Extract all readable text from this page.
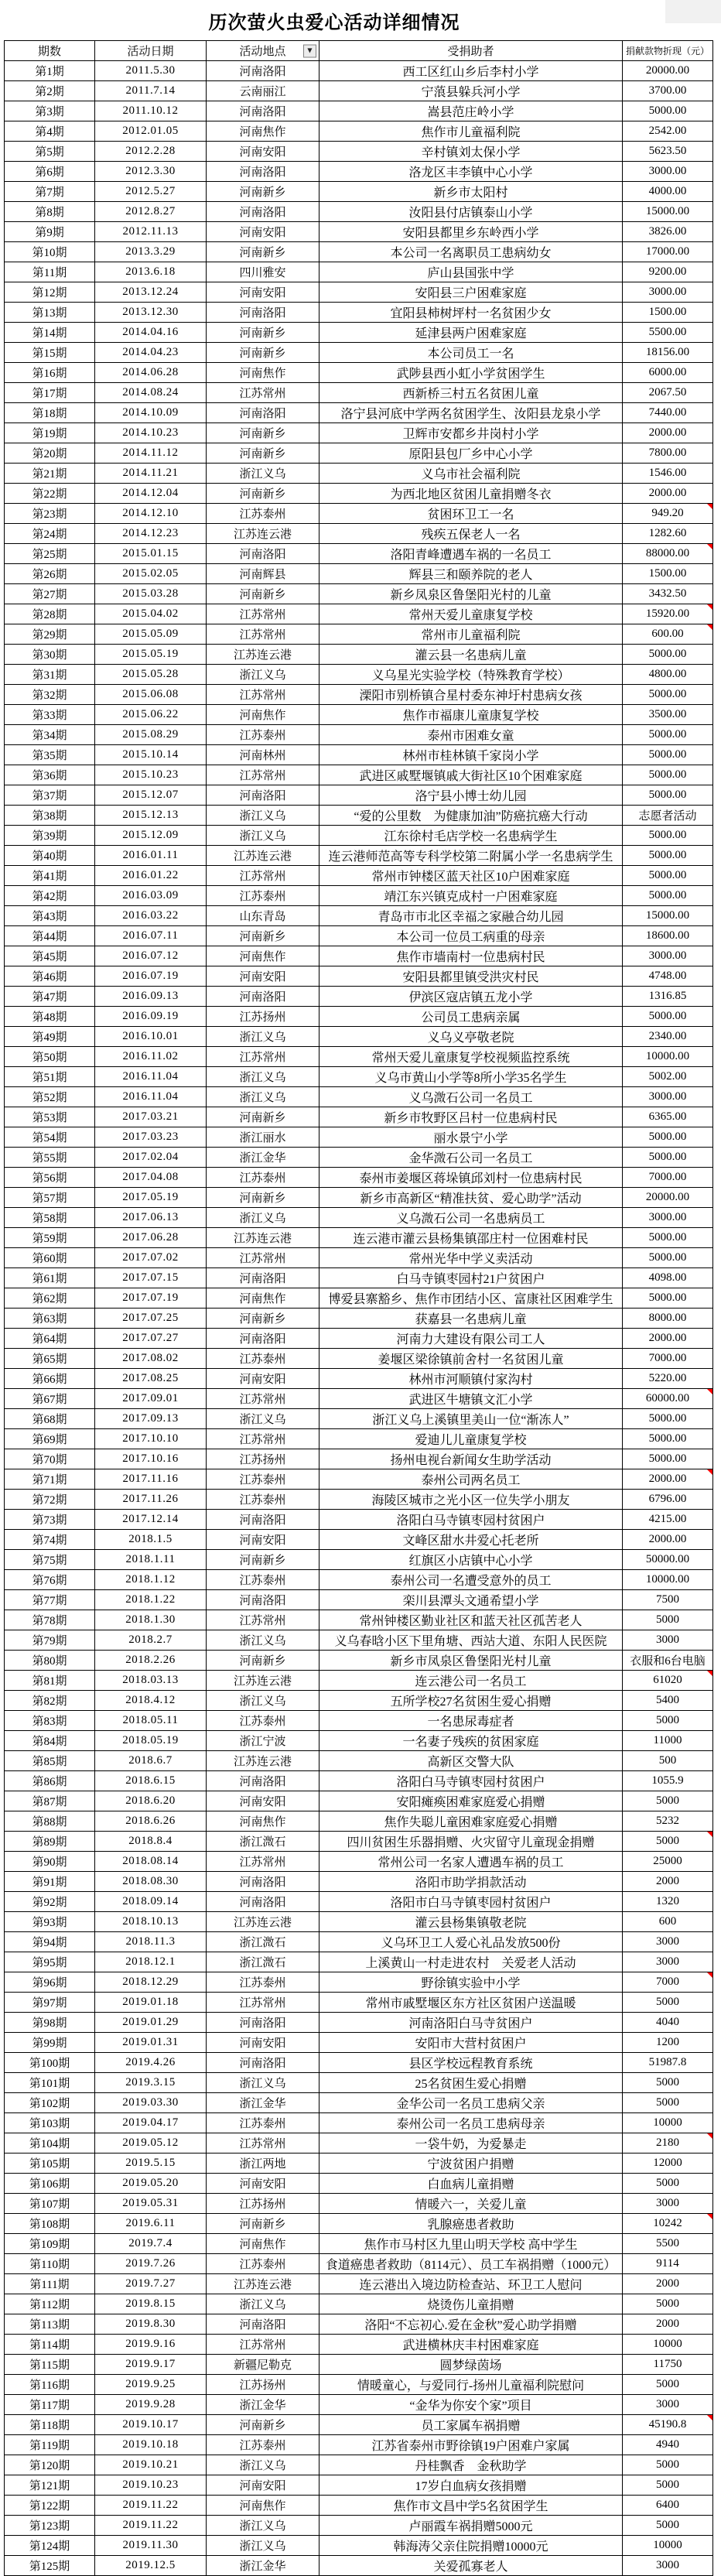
历次萤火虫爱心活动详细情况
期数	活动日期	活动地点 ▼	受捐助者	捐献款物折现（元）
第1期	2011.5.30	河南洛阳	西工区红山乡后李村小学	20000.00
第2期	2011.7.14	云南丽江	宁蒗县躲兵河小学	3700.00
第3期	2011.10.12	河南洛阳	嵩县范庄岭小学	5000.00
第4期	2012.01.05	河南焦作	焦作市儿童福利院	2542.00
第5期	2012.2.28	河南安阳	辛村镇刘太保小学	5623.50
第6期	2012.3.30	河南洛阳	洛龙区丰李镇中心小学	3000.00
第7期	2012.5.27	河南新乡	新乡市太阳村	4000.00
第8期	2012.8.27	河南洛阳	汝阳县付店镇泰山小学	15000.00
第9期	2012.11.13	河南安阳	安阳县都里乡东岭西小学	3826.00
第10期	2013.3.29	河南新乡	本公司一名离职员工患病幼女	17000.00
第11期	2013.6.18	四川雅安	庐山县国张中学	9200.00
第12期	2013.12.24	河南安阳	安阳县三户困难家庭	3000.00
第13期	2013.12.30	河南洛阳	宜阳县柿树坪村一名贫困少女	1500.00
第14期	2014.04.16	河南新乡	延津县两户困难家庭	5500.00
第15期	2014.04.23	河南新乡	本公司员工一名	18156.00
第16期	2014.06.28	河南焦作	武陟县西小虹小学贫困学生	6000.00
第17期	2014.08.24	江苏常州	西新桥三村五名贫困儿童	2067.50
第18期	2014.10.09	河南洛阳	洛宁县河底中学两名贫困学生、汝阳县龙泉小学	7440.00
第19期	2014.10.23	河南新乡	卫辉市安都乡井岗村小学	2000.00
第20期	2014.11.12	河南新乡	原阳县包厂乡中心小学	7800.00
第21期	2014.11.21	浙江义乌	义乌市社会福利院	1546.00
第22期	2014.12.04	河南新乡	为西北地区贫困儿童捐赠冬衣	2000.00
第23期	2014.12.10	江苏泰州	贫困环卫工一名	949.20

第24期	2014.12.23	江苏连云港	残疾五保老人一名	1282.60
第25期	2015.01.15	河南洛阳	洛阳青峰遭遇车祸的一名员工	88000.00

第26期	2015.02.05	河南辉县	辉县三和颐养院的老人	1500.00
第27期	2015.03.28	河南新乡	新乡凤泉区鲁堡阳光村的儿童	3432.50
第28期	2015.04.02	江苏常州	常州天爱儿童康复学校	15920.00

第29期	2015.05.09	江苏常州	常州市儿童福利院	600.00

第30期	2015.05.19	江苏连云港	灌云县一名患病儿童	5000.00
第31期	2015.05.28	浙江义乌	义乌星光实验学校（特殊教育学校）	4800.00
第32期	2015.06.08	江苏常州	溧阳市别桥镇合星村委东神圩村患病女孩	5000.00
第33期	2015.06.22	河南焦作	焦作市福康儿童康复学校	3500.00
第34期	2015.08.29	江苏泰州	泰州市困难女童	5000.00
第35期	2015.10.14	河南林州	林州市桂林镇千家岗小学	5000.00
第36期	2015.10.23	江苏常州	武进区戚墅堰镇戚大街社区10个困难家庭	5000.00
第37期	2015.12.07	河南洛阳	洛宁县小博士幼儿园	5000.00
第38期	2015.12.13	浙江义乌	“爱的公里数　为健康加油”防癌抗癌大行动	志愿者活动
第39期	2015.12.09	浙江义乌	江东徐村毛店学校一名患病学生	5000.00
第40期	2016.01.11	江苏连云港	连云港师范高等专科学校第二附属小学一名患病学生	5000.00
第41期	2016.01.22	江苏常州	常州市钟楼区蓝天社区10户困难家庭	5000.00
第42期	2016.03.09	江苏泰州	靖江东兴镇克成村一户困难家庭	5000.00
第43期	2016.03.22	山东青岛	青岛市市北区幸福之家融合幼儿园	15000.00
第44期	2016.07.11	河南新乡	本公司一位员工病重的母亲	18600.00
第45期	2016.07.12	河南焦作	焦作市墙南村一位患病村民	3000.00
第46期	2016.07.19	河南安阳	安阳县都里镇受洪灾村民	4748.00
第47期	2016.09.13	河南洛阳	伊滨区寇店镇五龙小学	1316.85
第48期	2016.09.19	江苏扬州	公司员工患病亲属	5000.00
第49期	2016.10.01	浙江义乌	义乌义亭敬老院	2340.00
第50期	2016.11.02	江苏常州	常州天爱儿童康复学校视频监控系统	10000.00
第51期	2016.11.04	浙江义乌	义乌市黄山小学等8所小学35名学生	5002.00
第52期	2016.11.04	浙江义乌	义乌溦石公司一名员工	3000.00
第53期	2017.03.21	河南新乡	新乡市牧野区吕村一位患病村民	6365.00
第54期	2017.03.23	浙江丽水	丽水景宁小学	5000.00
第55期	2017.02.04	浙江金华	金华溦石公司一名员工	5000.00
第56期	2017.04.08	江苏泰州	泰州市姜堰区蒋垛镇邱刘村一位患病村民	7000.00
第57期	2017.05.19	河南新乡	新乡市高新区“精准扶贫、爱心助学”活动	20000.00
第58期	2017.06.13	浙江义乌	义乌溦石公司一名患病员工	3000.00
第59期	2017.06.28	江苏连云港	连云港市灌云县杨集镇邵庄村一位困难村民	5000.00
第60期	2017.07.02	江苏常州	常州光华中学义卖活动	5000.00
第61期	2017.07.15	河南洛阳	白马寺镇枣园村21户贫困户	4098.00
第62期	2017.07.19	河南焦作	博爱县寨豁乡、焦作市团结小区、富康社区困难学生	5000.00
第63期	2017.07.25	河南新乡	获嘉县一名患病儿童	8000.00
第64期	2017.07.27	河南洛阳	河南力大建设有限公司工人	2000.00
第65期	2017.08.02	江苏泰州	姜堰区梁徐镇前舍村一名贫困儿童	7000.00
第66期	2017.08.25	河南安阳	林州市河顺镇付家沟村	5220.00
第67期	2017.09.01	江苏常州	武进区牛塘镇文汇小学	60000.00

第68期	2017.09.13	浙江义乌	浙江义乌上溪镇里美山一位“渐冻人”	5000.00
第69期	2017.10.10	江苏常州	爱迪儿儿童康复学校	5000.00
第70期	2017.10.16	江苏扬州	扬州电视台新闻女生助学活动	5000.00
第71期	2017.11.16	江苏泰州	泰州公司两名员工	2000.00

第72期	2017.11.26	江苏泰州	海陵区城市之光小区一位失学小朋友	6796.00
第73期	2017.12.14	河南洛阳	洛阳白马寺镇枣园村贫困户	4215.00
第74期	2018.1.5	河南安阳	文峰区甜水井爱心托老所	2000.00
第75期	2018.1.11	河南新乡	红旗区小店镇中心小学	50000.00
第76期	2018.1.12	江苏泰州	泰州公司一名遭受意外的员工	10000.00
第77期	2018.1.22	河南洛阳	栾川县潭头文通希望小学	7500
第78期	2018.1.30	江苏常州	常州钟楼区勤业社区和蓝天社区孤苦老人	5000
第79期	2018.2.7	浙江义乌	义乌春晗小区下里角塘、西站大道、东阳人民医院	3000
第80期	2018.2.26	河南新乡	新乡市凤泉区鲁堡阳光村儿童	衣服和6台电脑
第81期	2018.03.13	江苏连云港	连云港公司一名员工	61020

第82期	2018.4.12	浙江义乌	五所学校27名贫困生爱心捐赠	5400
第83期	2018.05.11	江苏泰州	一名患尿毒症者	5000
第84期	2018.05.19	浙江宁波	一名妻子残疾的贫困家庭	11000
第85期	2018.6.7	江苏连云港	高新区交警大队	500
第86期	2018.6.15	河南洛阳	洛阳白马寺镇枣园村贫困户	1055.9
第87期	2018.6.20	河南安阳	安阳瘫痪困难家庭爱心捐赠	5000
第88期	2018.6.26	河南焦作	焦作失聪儿童困难家庭爱心捐赠	5232
第89期	2018.8.4	浙江溦石	四川贫困生乐器捐赠、火灾留守儿童现金捐赠	5000

第90期	2018.08.14	江苏常州	常州公司一名家人遭遇车祸的员工	25000
第91期	2018.08.30	河南洛阳	洛阳市助学捐款活动	2000
第92期	2018.09.14	河南洛阳	洛阳市白马寺镇枣园村贫困户	1320
第93期	2018.10.13	江苏连云港	灌云县杨集镇敬老院	600
第94期	2018.11.3	浙江溦石	义乌环卫工人爱心礼品发放500份	3000
第95期	2018.12.1	浙江溦石	上溪黄山一村走进农村　关爱老人活动	3000
第96期	2018.12.29	江苏泰州	野徐镇实验中小学	7000

第97期	2019.01.18	江苏常州	常州市戚墅堰区东方社区贫困户送温暖	5000
第98期	2019.01.29	河南洛阳	河南洛阳白马寺贫困户	4040
第99期	2019.01.31	河南安阳	安阳市大营村贫困户	1200
第100期	2019.4.26	河南洛阳	县区学校远程教育系统	51987.8
第101期	2019.3.15	浙江义乌	25名贫困生爱心捐赠	5000
第102期	2019.03.30	浙江金华	金华公司一名员工患病父亲	5000
第103期	2019.04.17	江苏泰州	泰州公司一名员工患病母亲	10000
第104期	2019.05.12	江苏常州	一袋牛奶，为爱暴走	2180

第105期	2019.5.15	浙江两地	宁波贫困户捐赠	12000
第106期	2019.05.20	河南安阳	白血病儿童捐赠	5000
第107期	2019.05.31	江苏扬州	情暖六一，关爱儿童	3000
第108期	2019.6.11	河南新乡	乳腺癌患者救助	10242

第109期	2019.7.4	河南焦作	焦作市马村区九里山明天学校 高中学生	5500
第110期	2019.7.26	江苏泰州	食道癌患者救助（8114元）、员工车祸捐赠（1000元）	9114
第111期	2019.7.27	江苏连云港	连云港出入境边防检查站、环卫工人慰问	2000
第112期	2019.8.15	浙江义乌	烧烫伤儿童捐赠	5000
第113期	2019.8.30	河南洛阳	洛阳“不忘初心.爱在金秋”爱心助学捐赠	2000
第114期	2019.9.16	江苏常州	武进横林庆丰村困难家庭	10000
第115期	2019.9.17	新疆尼勒克	圆梦绿茵场	11750
第116期	2019.9.25	江苏扬州	情暖童心，与爱同行-扬州儿童福利院慰问	5000
第117期	2019.9.28	浙江金华	“金华为你安个家”项目	3000
第118期	2019.10.17	河南新乡	员工家属车祸捐赠	45190.8

第119期	2019.10.18	江苏泰州	江苏省泰州市野徐镇19户困难户家属	4940
第120期	2019.10.21	浙江义乌	丹桂飘香　金秋助学	5000
第121期	2019.10.23	河南安阳	17岁白血病女孩捐赠	5000
第122期	2019.11.22	河南焦作	焦作市文昌中学5名贫困学生	6400
第123期	2019.11.22	浙江义乌	卢丽霞车祸捐赠5000元	5000
第124期	2019.11.30	浙江义乌	韩海涛父亲住院捐赠10000元	10000
第125期	2019.12.5	浙江金华	关爱孤寡老人	3000
